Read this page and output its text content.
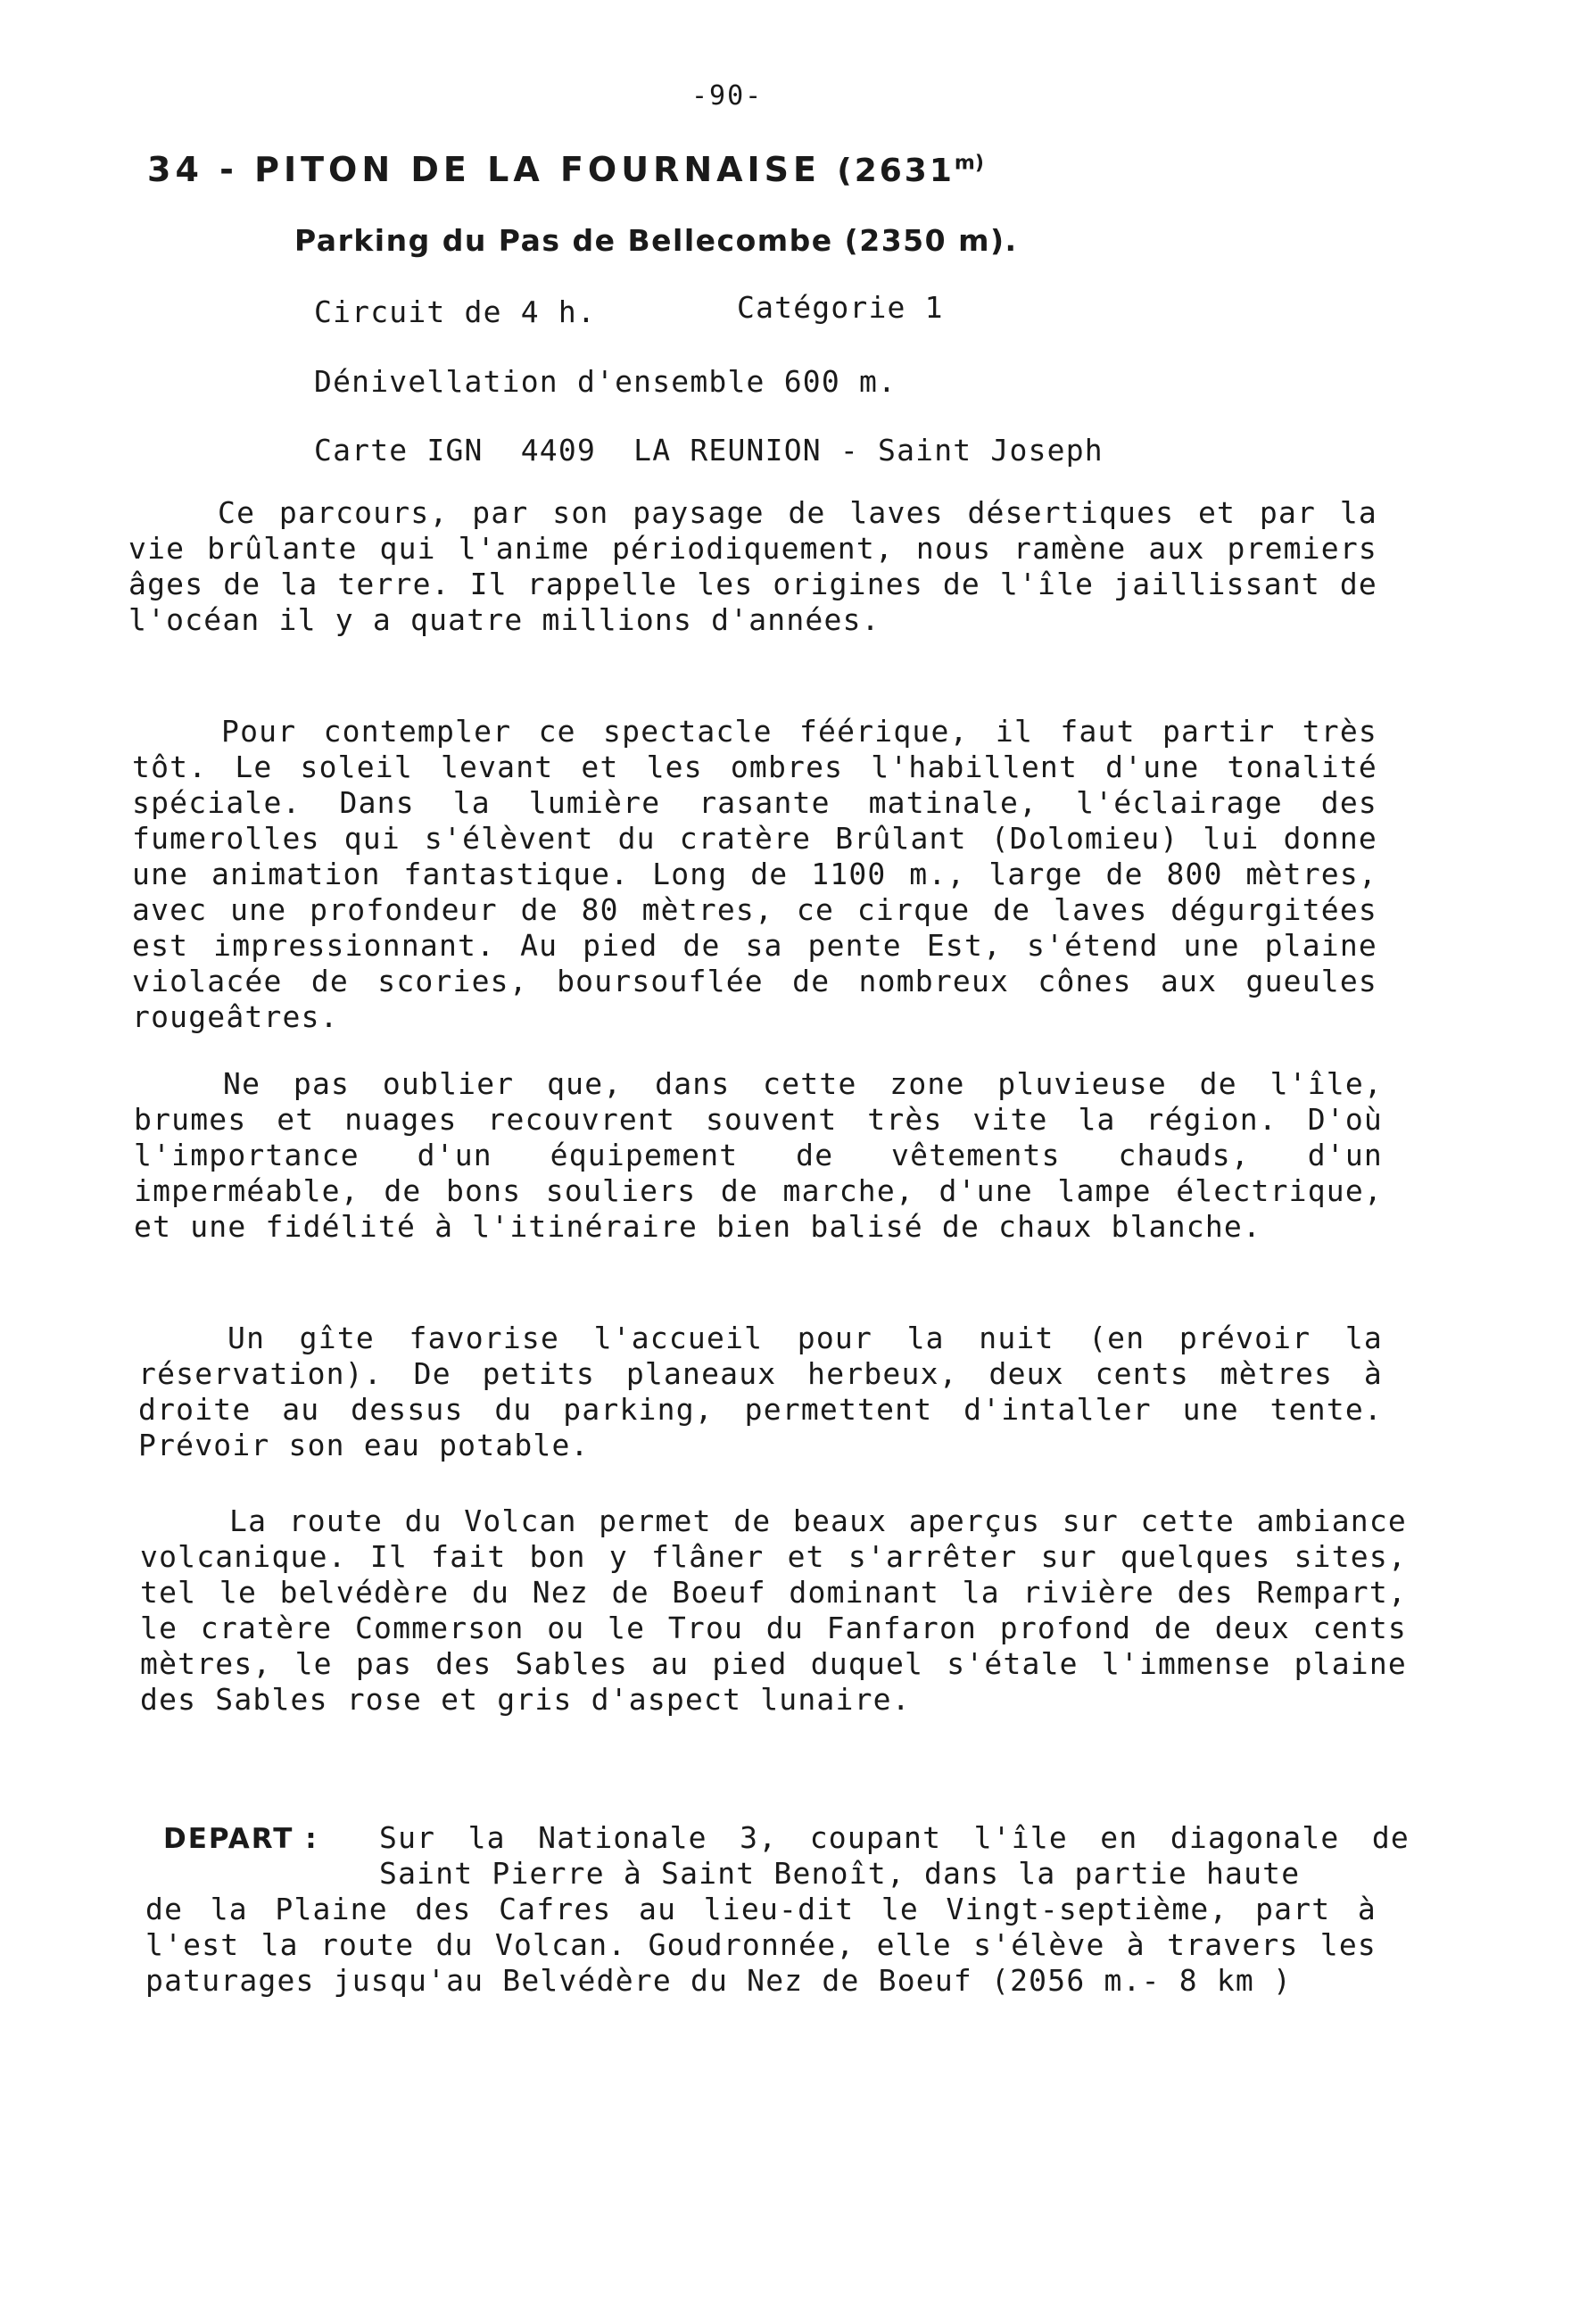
-90-
34 - PITON DE LA FOURNAISE (2631$^{m)}$
Parking du Pas de Bellecombe (2350 m).
Circuit de 4 h.	Catégorie 1
Dénivellation d'ensemble 600 m.
Carte IGN  4409  LA REUNION - Saint Joseph
Ce parcours, par son paysage de laves désertiques et par la vie brûlante qui l'anime périodiquement, nous ramène aux premiers âges de la terre. Il rappelle les origines de l'île jaillissant de l'océan il y a quatre millions d'années.
Pour contempler ce spectacle féérique, il faut partir très tôt. Le soleil levant et les ombres l'habillent d'une tonalité spéciale. Dans la lumière rasante matinale, l'éclairage des fumerolles qui s'élèvent du cratère Brûlant (Dolomieu) lui donne une animation fantastique. Long de 1100 m., large de 800 mètres, avec une profondeur de 80 mètres, ce cirque de laves dégurgitées est impressionnant. Au pied de sa pente Est, s'étend une plaine violacée de scories, boursouflée de nombreux cônes aux gueules rougeâtres.
Ne pas oublier que, dans cette zone pluvieuse de l'île, brumes et nuages recouvrent souvent très vite la région. D'où l'importance d'un équipement de vêtements chauds, d'un imperméable, de bons souliers de marche, d'une lampe électrique, et une fidélité à l'itinéraire bien balisé de chaux blanche.
Un gîte favorise l'accueil pour la nuit (en prévoir la réservation). De petits planeaux herbeux, deux cents mètres à droite au dessus du parking, permettent d'intaller une tente. Prévoir son eau potable.
La route du Volcan permet de beaux aperçus sur cette ambiance volcanique. Il fait bon y flâner et s'arrêter sur quelques sites, tel le belvédère du Nez de Boeuf dominant la rivière des Rempart, le cratère Commerson ou le Trou du Fanfaron profond de deux cents mètres, le pas des Sables au pied duquel s'étale l'immense plaine des Sables rose et gris d'aspect lunaire.
DEPART : Sur la Nationale 3, coupant l'île en diagonale de Saint Pierre à Saint Benoît, dans la partie haute
de la Plaine des Cafres au lieu-dit le Vingt-septième, part à l'est la route du Volcan. Goudronnée, elle s'élève à travers les paturages jusqu'au Belvédère du Nez de Boeuf (2056 m.- 8 km )
